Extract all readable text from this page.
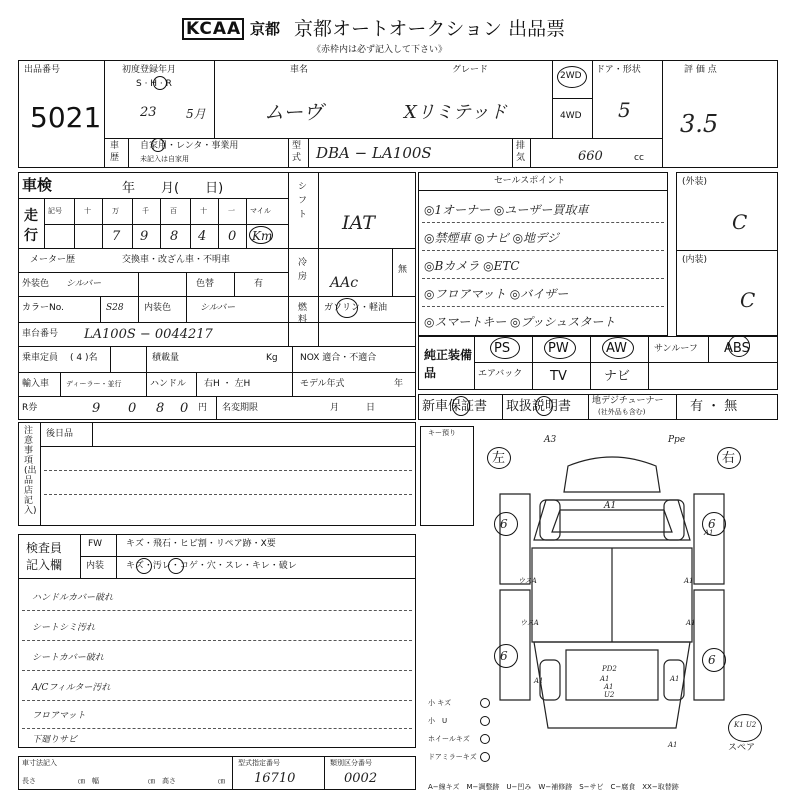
KCAA 京都 京都オートオークション 出品票
《赤枠内は必ず記入して下さい》
出品番号
5021
初度登録年月
S · H · R
23 5月
車名
ムーヴ
グレード
Xリミテッド
2WD
4WD
ドア・形状
5
評 価 点
3.5
車歴
自家用・レンタ・事業用
未記入は自家用
型式 DBA − LA100S	排気	660	cc
車検	年　　月(　　日)
走行
記号	十	万	千	百	十	一 マイル
7 9 8 4 0 Km
メーター歴	交換車・改ざん車・不明車
外装色 シルバー	色替	有
カラーNo.	S28 内装色	シルバー
車台番号 LA100S − 0044217
乗車定員 ( 4 )名	積載量	Kg NOX 適合・不適合
輸入車 ディーラー・並行	ハンドル 右H ・ 左H	モデル年式	年
R券	9 0 8 0 円 名変期限	月　　　日
シフト IAT
冷房 AAc
無
燃料
ガソリン・軽油
セールスポイント
◎1オーナー ◎ユーザー買取車
◎禁煙車 ◎ナビ ◎地デジ
◎Bカメラ ◎ETC
◎フロアマット ◎バイザー
◎スマートキー ◎プッシュスタート
(外装)
C
(内装)
C
純正装備品
PS	PW	AW	サンルーフ ABS
エアバック TV	ナビ
新車保証書 取扱説明書 地デジチューナー
(社外品も含む)	有 ・ 無
注意事項(出品店記入)
後日品
検査員記入欄
FW	キズ・飛石・ヒビ割・リペア跡・X要
内装 キズ・汚レ・コゲ・穴・スレ・キレ・破レ
ハンドルカバー破れ
シートシミ汚れ
シートカバー破れ
A/Cフィルター汚れ
フロアマット
下廻りサビ
キー預り
左	右
A3	Ppe
A1
6	6
6	6
ウスA
ウスA
A1
A1
A1	A1
A1
A1
PD2
A1
U2
A1
K1 U2
スペア
小 キズ
小　U
ホイールキズ
ドアミラーキズ
A−線キズ　M−調整跡　U−凹み　W−補修跡　S−サビ　C−腐食　XX−取替跡
車寸法記入
長さ	㎝ 幅	㎝ 高さ	㎝
型式指定番号
16710
類別区分番号
0002
